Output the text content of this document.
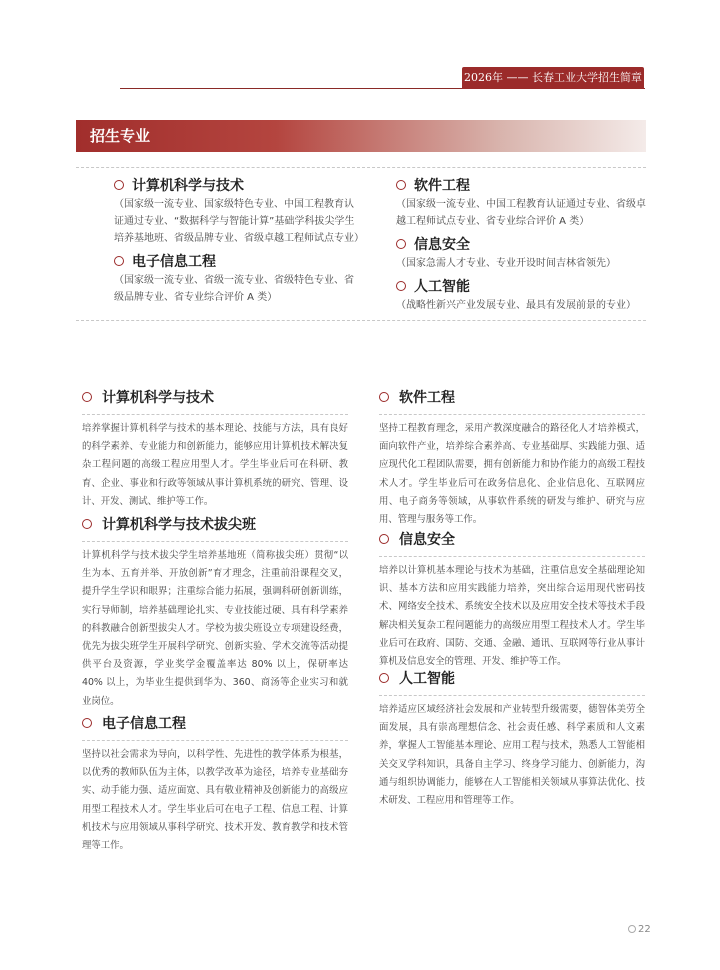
2026年 —— 长春工业大学招生简章
招生专业
计算机科学与技术
（国家级一流专业、国家级特色专业、中国工程教育认证通过专业、“数据科学与智能计算”基础学科拔尖学生培养基地班、省级品牌专业、省级卓越工程师试点专业）
电子信息工程
（国家级一流专业、省级一流专业、省级特色专业、省级品牌专业、省专业综合评价 A 类）
软件工程
（国家级一流专业、中国工程教育认证通过专业、省级卓越工程师试点专业、省专业综合评价 A 类）
信息安全
（国家急需人才专业、专业开设时间吉林省领先）
人工智能
（战略性新兴产业发展专业、最具有发展前景的专业）
计算机科学与技术
培养掌握计算机科学与技术的基本理论、技能与方法，具有良好的科学素养、专业能力和创新能力，能够应用计算机技术解决复杂工程问题的高级工程应用型人才。学生毕业后可在科研、教育、企业、事业和行政等领域从事计算机系统的研究、管理、设计、开发、测试、维护等工作。
计算机科学与技术拔尖班
计算机科学与技术拔尖学生培养基地班（简称拔尖班）贯彻“以生为本、五育并举、开放创新”育才理念，注重前沿课程交叉，提升学生学识和眼界；注重综合能力拓展，强调科研创新训练，实行导师制，培养基础理论扎实、专业技能过硬、具有科学素养的科教融合创新型拔尖人才。学校为拔尖班设立专项建设经费，优先为拔尖班学生开展科学研究、创新实验、学术交流等活动提供平台及资源，学业奖学金覆盖率达 80% 以上，保研率达 40% 以上，为毕业生提供到华为、360、商汤等企业实习和就业岗位。
电子信息工程
坚持以社会需求为导向，以科学性、先进性的教学体系为根基，以优秀的教师队伍为主体，以教学改革为途径，培养专业基础夯实、动手能力强、适应面宽、具有敬业精神及创新能力的高级应用型工程技术人才。学生毕业后可在电子工程、信息工程、计算机技术与应用领域从事科学研究、技术开发、教育教学和技术管理等工作。
软件工程
坚持工程教育理念，采用产教深度融合的路径化人才培养模式，面向软件产业，培养综合素养高、专业基础厚、实践能力强、适应现代化工程团队需要，拥有创新能力和协作能力的高级工程技术人才。学生毕业后可在政务信息化、企业信息化、互联网应用、电子商务等领域，从事软件系统的研发与维护、研究与应用、管理与服务等工作。
信息安全
培养以计算机基本理论与技术为基础，注重信息安全基础理论知识、基本方法和应用实践能力培养，突出综合运用现代密码技术、网络安全技术、系统安全技术以及应用安全技术等技术手段解决相关复杂工程问题能力的高级应用型工程技术人才。学生毕业后可在政府、国防、交通、金融、通讯、互联网等行业从事计算机及信息安全的管理、开发、维护等工作。
人工智能
培养适应区域经济社会发展和产业转型升级需要，德智体美劳全面发展，具有崇高理想信念、社会责任感、科学素质和人文素养，掌握人工智能基本理论、应用工程与技术，熟悉人工智能相关交叉学科知识，具备自主学习、终身学习能力、创新能力，沟通与组织协调能力，能够在人工智能相关领域从事算法优化、技术研发、工程应用和管理等工作。
22
